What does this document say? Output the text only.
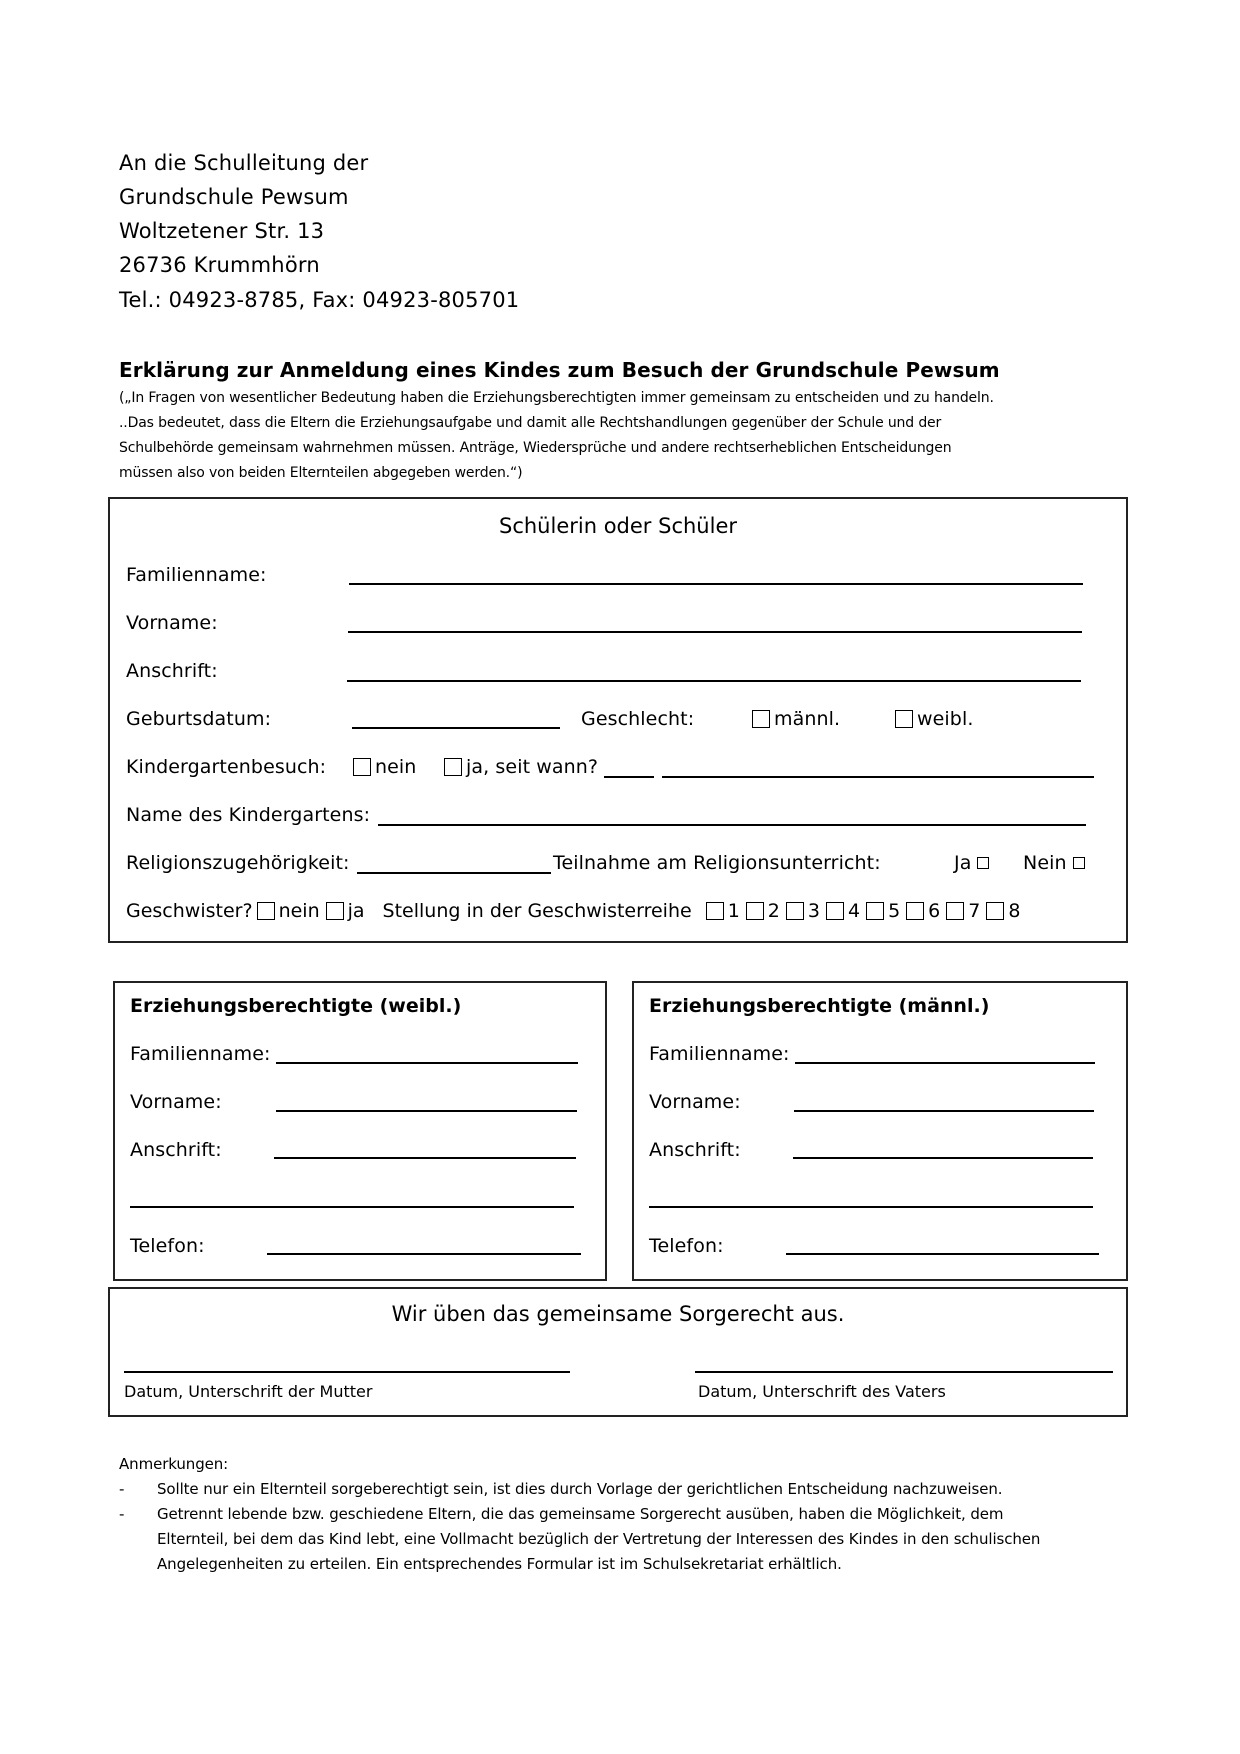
An die Schulleitung der
Grundschule Pewsum
Woltzetener Str. 13
26736 Krummhörn
Tel.: 04923-8785, Fax: 04923-805701
Erklärung zur Anmeldung eines Kindes zum Besuch der Grundschule Pewsum
(„In Fragen von wesentlicher Bedeutung haben die Erziehungsberechtigten immer gemeinsam zu entscheiden und zu handeln.
..Das bedeutet, dass die Eltern die Erziehungsaufgabe und damit alle Rechtshandlungen gegenüber der Schule und der
Schulbehörde gemeinsam wahrnehmen müssen. Anträge, Wiedersprüche und andere rechtserheblichen Entscheidungen
müssen also von beiden Elternteilen abgegeben werden.“)
Schülerin oder Schüler
Familienname:
Vorname:
Anschrift:
Geburtsdatum:	Geschlecht:	männl.	weibl.
Kindergartenbesuch:	nein	ja, seit wann?
Name des Kindergartens:
Religionszugehörigkeit:	Teilnahme am Religionsunterricht:	Ja	Nein
Geschwister? nein ja Stellung in der Geschwisterreihe 1 2 3 4 5 6 7 8
Erziehungsberechtigte (weibl.)
Familienname:
Vorname:
Anschrift:
Telefon:
Erziehungsberechtigte (männl.)
Familienname:
Vorname:
Anschrift:
Telefon:
Wir üben das gemeinsame Sorgerecht aus.
Datum, Unterschrift der Mutter	Datum, Unterschrift des Vaters
Anmerkungen:
- Sollte nur ein Elternteil sorgeberechtigt sein, ist dies durch Vorlage der gerichtlichen Entscheidung nachzuweisen.
- Getrennt lebende bzw. geschiedene Eltern, die das gemeinsame Sorgerecht ausüben, haben die Möglichkeit, dem
Elternteil, bei dem das Kind lebt, eine Vollmacht bezüglich der Vertretung der Interessen des Kindes in den schulischen
Angelegenheiten zu erteilen. Ein entsprechendes Formular ist im Schulsekretariat erhältlich.
